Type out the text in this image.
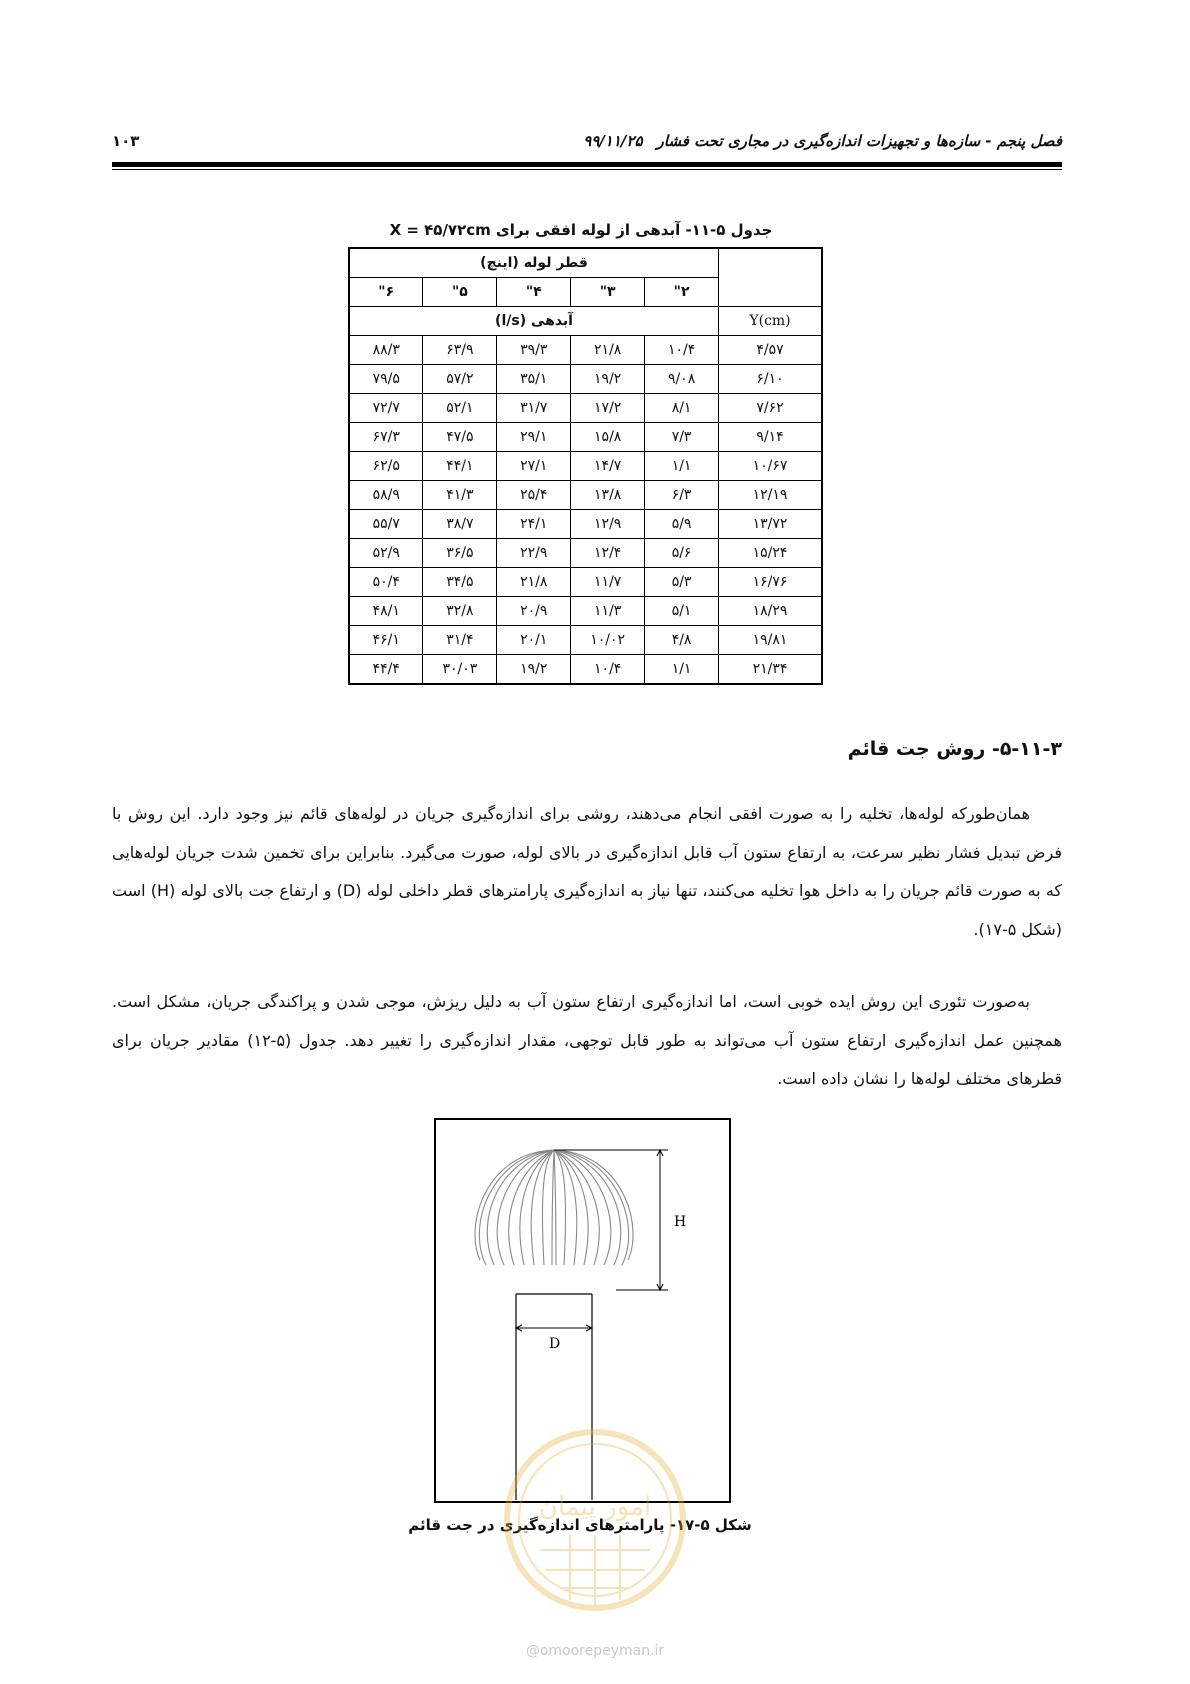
فصل پنجم - سازه‌ها و تجهیزات اندازه‌گیری در مجاری تحت فشار۹۹/۱۱/۲۵
۱۰۳
جدول ۵-۱۱- آبدهی از لوله افقی برای X = ۴۵/۷۲cm
	قطر لوله (اینچ)				
	۲"	۳"	۴"	۵"	۶"
Y(cm)	آبدهی (l/s)				
۴/۵۷	۱۰/۴	۲۱/۸	۳۹/۳	۶۳/۹	۸۸/۳
۶/۱۰	۹/۰۸	۱۹/۲	۳۵/۱	۵۷/۲	۷۹/۵
۷/۶۲	۸/۱	۱۷/۲	۳۱/۷	۵۲/۱	۷۲/۷
۹/۱۴	۷/۳	۱۵/۸	۲۹/۱	۴۷/۵	۶۷/۳
۱۰/۶۷	۱/۱	۱۴/۷	۲۷/۱	۴۴/۱	۶۲/۵
۱۲/۱۹	۶/۳	۱۳/۸	۲۵/۴	۴۱/۳	۵۸/۹
۱۳/۷۲	۵/۹	۱۲/۹	۲۴/۱	۳۸/۷	۵۵/۷
۱۵/۲۴	۵/۶	۱۲/۴	۲۲/۹	۳۶/۵	۵۲/۹
۱۶/۷۶	۵/۳	۱۱/۷	۲۱/۸	۳۴/۵	۵۰/۴
۱۸/۲۹	۵/۱	۱۱/۳	۲۰/۹	۳۲/۸	۴۸/۱
۱۹/۸۱	۴/۸	۱۰/۰۲	۲۰/۱	۳۱/۴	۴۶/۱
۲۱/۳۴	۱/۱	۱۰/۴	۱۹/۲	۳۰/۰۳	۴۴/۴
۵-۱۱-۳- روش جت قائم
همان‌طورکه لوله‌ها، تخلیه را به صورت افقی انجام می‌دهند، روشی برای اندازه‌گیری جریان در لوله‌های قائم نیز وجود دارد. این روش با فرض تبدیل فشار نظیر سرعت، به ارتفاع ستون آب قابل اندازه‌گیری در بالای لوله، صورت می‌گیرد. بنابراین برای تخمین شدت جریان لوله‌هایی که به صورت قائم جریان را به داخل هوا تخلیه می‌کنند، تنها نیاز به اندازه‌گیری پارامترهای قطر داخلی لوله (D) و ارتفاع جت بالای لوله (H) است (شکل ۵-۱۷).
به‌صورت تئوری این روش ایده خوبی است، اما اندازه‌گیری ارتفاع ستون آب به دلیل ریزش، موجی شدن و پراکندگی جریان، مشکل است. همچنین عمل اندازه‌گیری ارتفاع ستون آب می‌تواند به طور قابل توجهی، مقدار اندازه‌گیری را تغییر دهد. جدول (۵-۱۲) مقادیر جریان برای قطرهای مختلف لوله‌ها را نشان داده است.
H
D
شکل ۵-۱۷- پارامترهای اندازه‌گیری در جت قائم
امور پیمان
@omoorepeyman.ir
